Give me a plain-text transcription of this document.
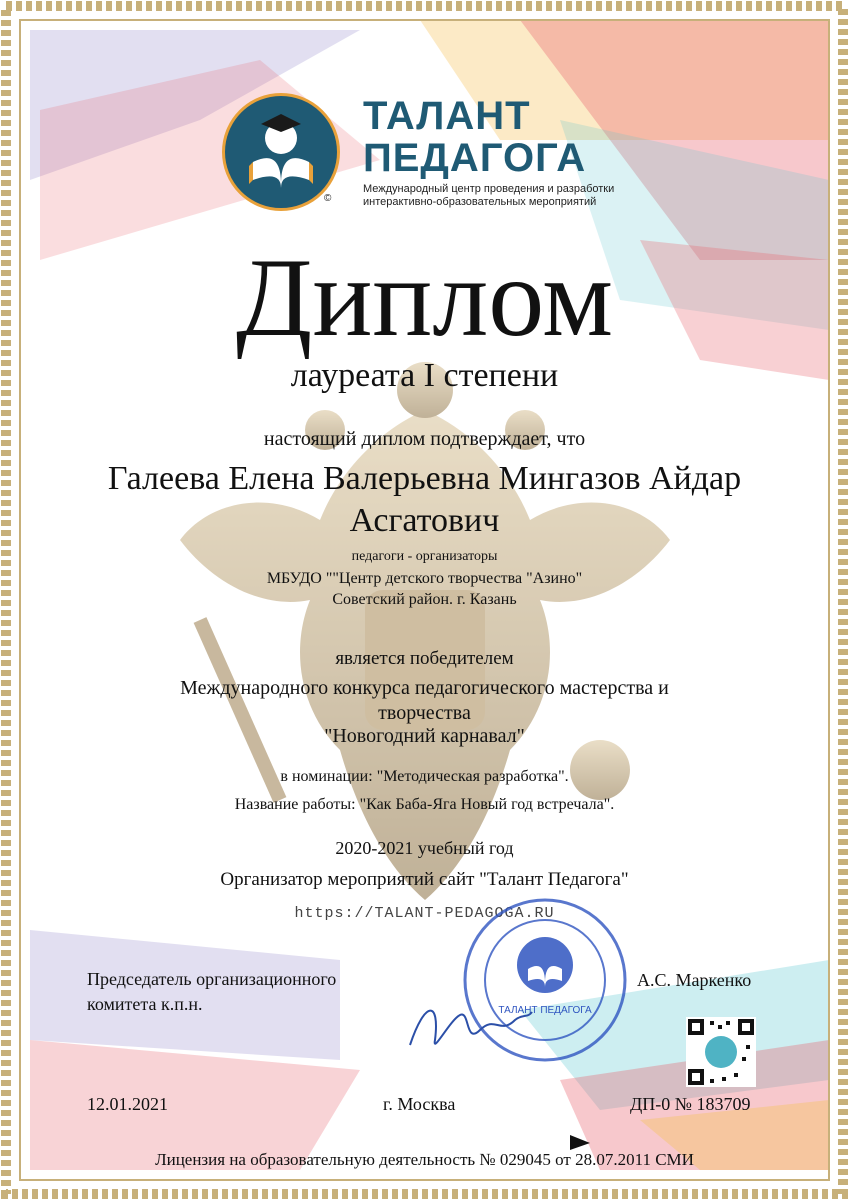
©
ТАЛАНТ
ПЕДАГОГА
Международный центр проведения и разработки интерактивно-образовательных мероприятий
Диплом
лауреата I степени
настоящий диплом подтверждает, что
Галеева Елена Валерьевна Мингазов Айдар Асгатович
педагоги - организаторы
МБУДО ""Центр детского творчества "Азино"
Советский район. г. Казань
является победителем
Международного конкурса педагогического мастерства и
творчества
"Новогодний карнавал"
в номинации: "Методическая разработка".
Название работы: "Как Баба-Яга Новый год встречала".
2020-2021 учебный год
Организатор мероприятий сайт "Талант Педагога"
https://TALANT-PEDAGOGA.RU
ТАЛАНТ ПЕДАГОГА
Председатель организационного
комитета к.п.н.
А.С. Маркенко
12.01.2021	г. Москва	ДП-0 № 183709
Лицензия на образовательную деятельность № 029045 от 28.07.2011 СМИ
